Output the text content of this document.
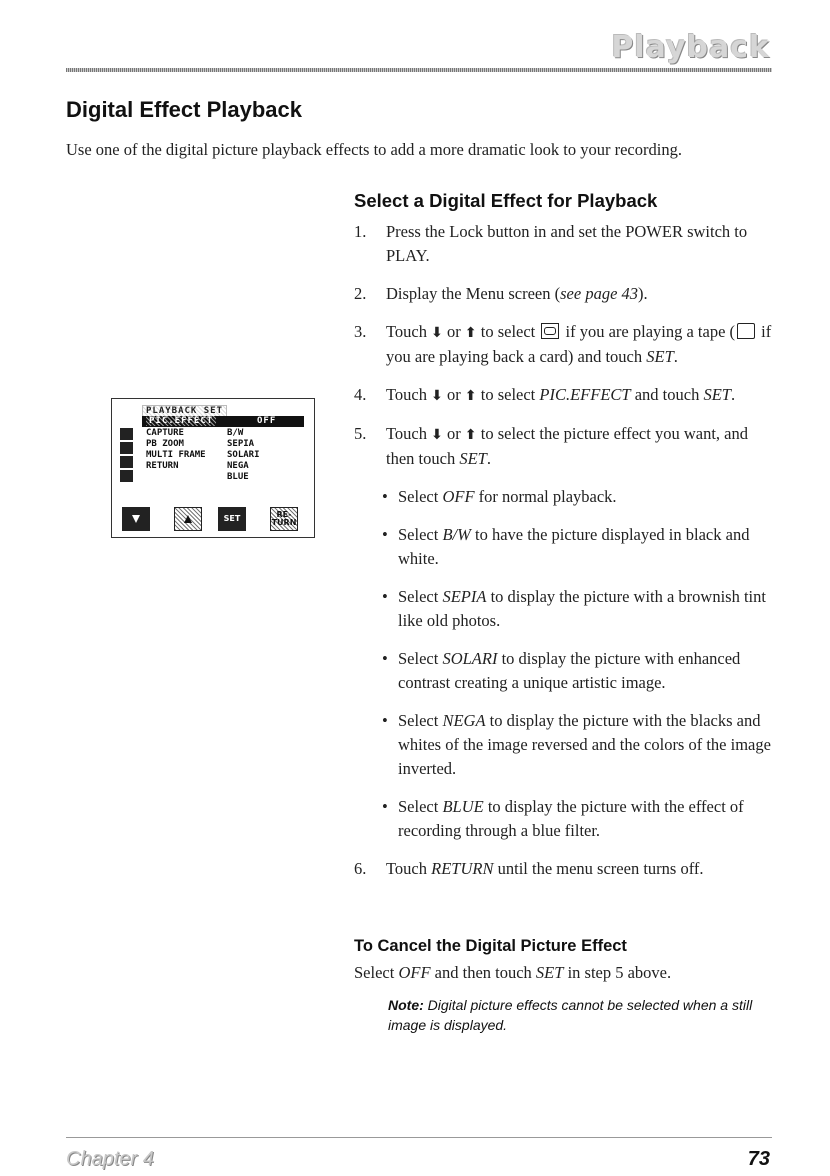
Playback
Digital Effect Playback

Use one of the digital picture playback effects to add a more dramatic look to your recording.

Select a Digital Effect for Playback
1. Press the Lock button in and set the POWER switch to PLAY.
2. Display the Menu screen (see page 43).
3. Touch ⬇ or ⬆ to select if you are playing a tape ( if you are playing back a card) and touch SET.
4. Touch ⬇ or ⬆ to select PIC.EFFECT and touch SET.
5. Touch ⬇ or ⬆ to select the picture effect you want, and then touch SET.
• Select OFF for normal playback.
• Select B/W to have the picture displayed in black and white.
• Select SEPIA to display the picture with a brownish tint like old photos.
• Select SOLARI to display the picture with enhanced contrast creating a unique artistic image.
• Select NEGA to display the picture with the blacks and whites of the image reversed and the colors of the image inverted.
• Select BLUE to display the picture with the effect of recording through a blue filter.
6. Touch RETURN until the menu screen turns off.
To Cancel the Digital Picture Effect

Select OFF and then touch SET in step 5 above.

Note: Digital picture effects cannot be selected when a still image is displayed.

PLAYBACK SET
PIC.EFFECT	OFF
CAPTURE
PB ZOOM
MULTI FRAME
RETURN
B/W
SEPIA
SOLARI
NEGA
BLUE
SET	RE- TURN
Chapter 4	73
